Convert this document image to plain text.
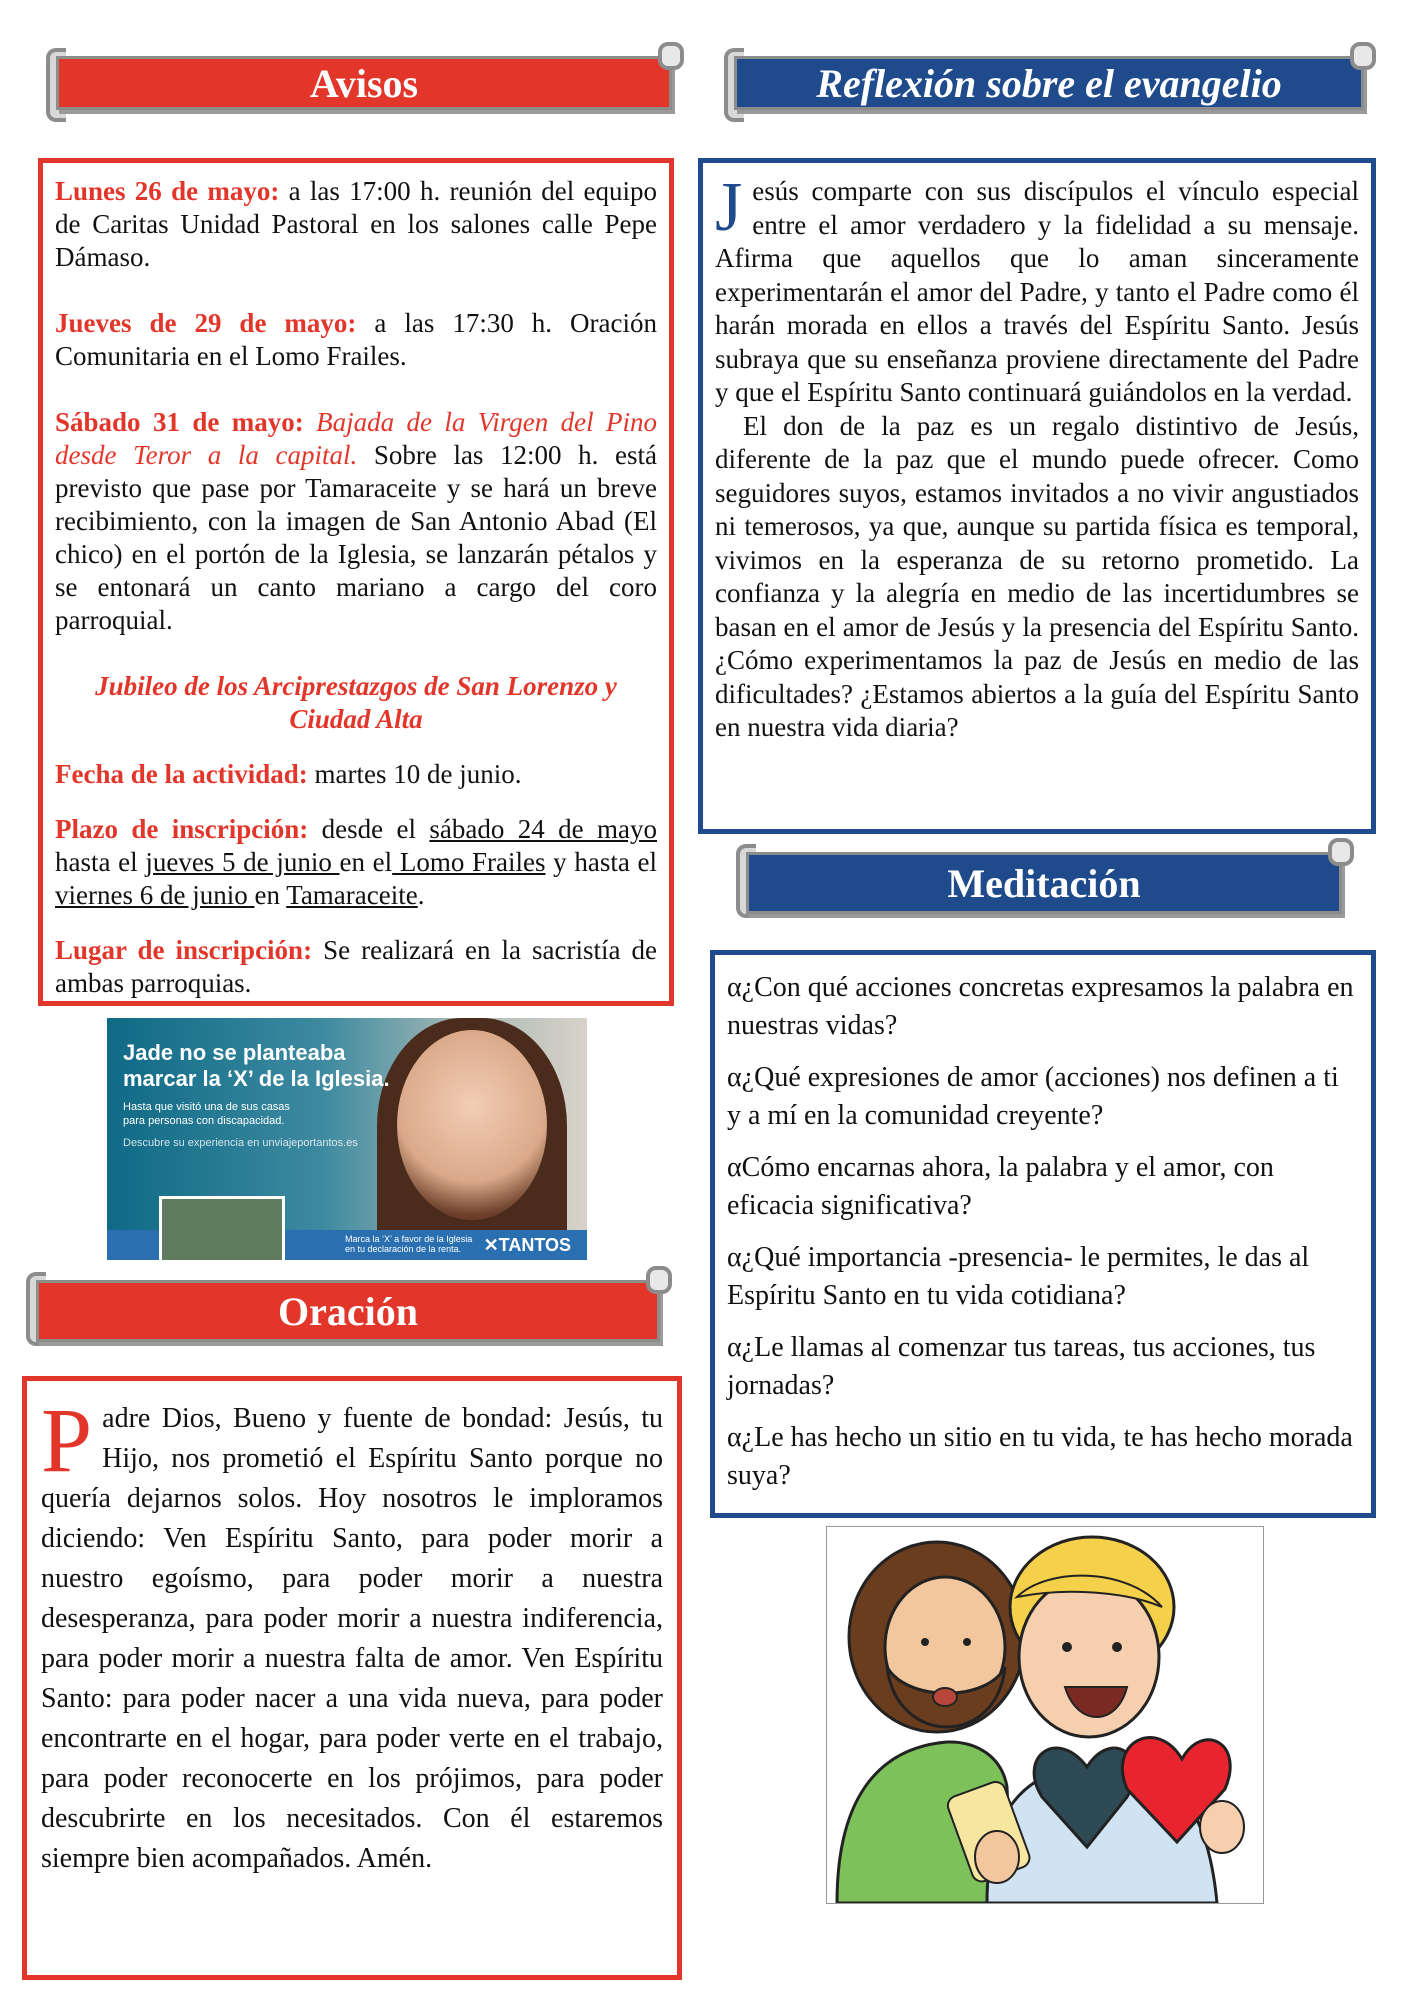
Avisos

Lunes 26 de mayo: a las 17:00 h. reunión del equipo de Caritas Unidad Pastoral en los salones calle Pepe Dámaso.

Jueves de 29 de mayo: a las 17:30 h. Oración Comunitaria en el Lomo Frailes.

Sábado 31 de mayo: Bajada de la Virgen del Pino desde Teror a la capital. Sobre las 12:00 h. está previsto que pase por Tamaraceite y se hará un breve recibimiento, con la imagen de San Antonio Abad (El chico) en el portón de la Iglesia, se lanzarán pétalos y se entonará un canto mariano a cargo del coro parroquial.

Jubileo de los Arciprestazgos de San Lorenzo y Ciudad Alta

Fecha de la actividad: martes 10 de junio.

Plazo de inscripción: desde el sábado 24 de mayo hasta el jueves 5 de junio en el Lomo Frailes y hasta el viernes 6 de junio en Tamaraceite.

Lugar de inscripción: Se realizará en la sacristía de ambas parroquias.

Jade no se planteaba
marcar la ‘X’ de la Iglesia.
Hasta que visitó una de sus casas
para personas con discapacidad.
Descubre su experiencia en unviajeportantos.es
Marca la ‘X’ a favor de la Iglesia
en tu declaración de la renta.	✕TANTOS
Oración

Padre Dios, Bueno y fuente de bondad: Jesús, tu Hijo, nos prometió el Espíritu Santo porque no quería dejarnos solos. Hoy nosotros le imploramos diciendo: Ven Espíritu Santo, para poder morir a nuestro egoísmo, para poder morir a nuestra desesperanza, para poder morir a nuestra indiferencia, para poder morir a nuestra falta de amor. Ven Espíritu Santo: para poder nacer a una vida nueva, para poder encontrarte en el hogar, para poder verte en el trabajo, para poder reconocerte en los prójimos, para poder descubrirte en los necesitados. Con él estaremos siempre bien acompañados. Amén.

Reflexión sobre el evangelio

Jesús comparte con sus discípulos el vínculo especial entre el amor verdadero y la fidelidad a su mensaje. Afirma que aquellos que lo aman sinceramente experimentarán el amor del Padre, y tanto el Padre como él harán morada en ellos a través del Espíritu Santo. Jesús subraya que su enseñanza proviene directamente del Padre y que el Espíritu Santo continuará guiándolos en la verdad.

El don de la paz es un regalo distintivo de Jesús, diferente de la paz que el mundo puede ofrecer. Como seguidores suyos, estamos invitados a no vivir angustiados ni temerosos, ya que, aunque su partida física es temporal, vivimos en la esperanza de su retorno prometido. La confianza y la alegría en medio de las incertidumbres se basan en el amor de Jesús y la presencia del Espíritu Santo. ¿Cómo experimentamos la paz de Jesús en medio de las dificultades? ¿Estamos abiertos a la guía del Espíritu Santo en nuestra vida diaria?

Meditación

α¿Con qué acciones concretas expresamos la palabra en nuestras vidas?

α¿Qué expresiones de amor (acciones) nos definen a ti y a mí en la comunidad creyente?

αCómo encarnas ahora, la palabra y el amor, con eficacia significativa?

α¿Qué importancia -presencia- le permites, le das al Espíritu Santo en tu vida cotidiana?

α¿Le llamas al comenzar tus tareas, tus acciones, tus jornadas?

α¿Le has hecho un sitio en tu vida, te has hecho morada suya?
